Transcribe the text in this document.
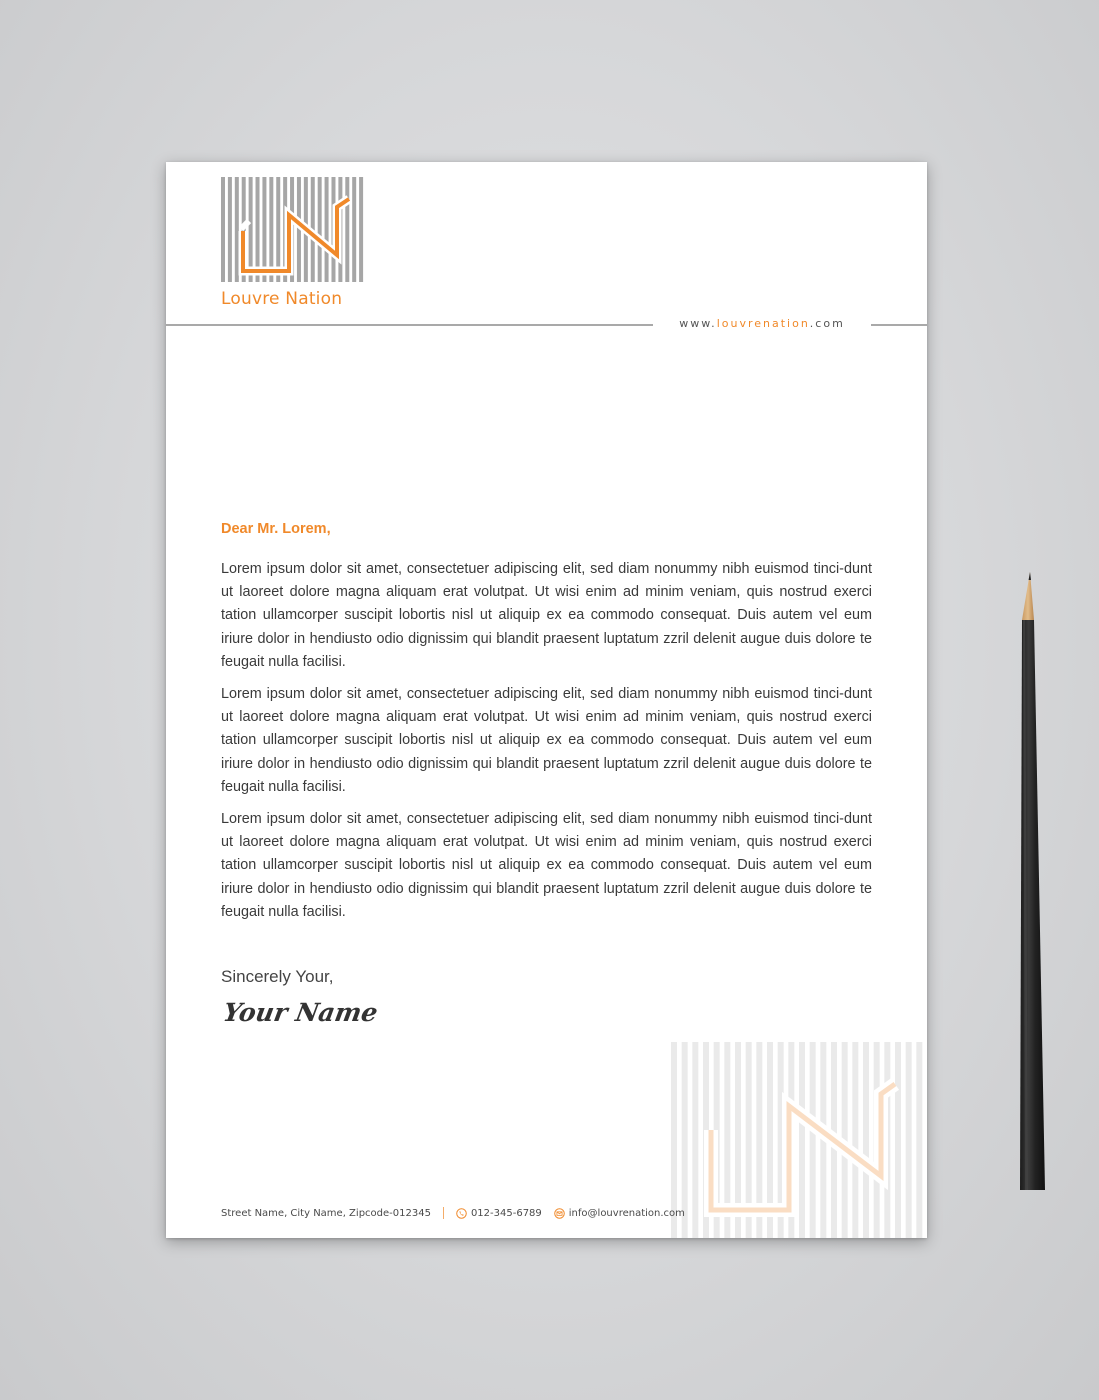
Louvre Nation
www.louvrenation.com
Dear Mr. Lorem,

Lorem ipsum dolor sit amet, consectetuer adipiscing elit, sed diam nonummy nibh euismod tinci-dunt ut laoreet dolore magna aliquam erat volutpat. Ut wisi enim ad minim veniam, quis nostrud exerci tation ullamcorper suscipit lobortis nisl ut aliquip ex ea commodo consequat. Duis autem vel eum iriure dolor in hendiusto odio dignissim qui blandit praesent luptatum zzril delenit augue duis dolore te feugait nulla facilisi.

Lorem ipsum dolor sit amet, consectetuer adipiscing elit, sed diam nonummy nibh euismod tinci-dunt ut laoreet dolore magna aliquam erat volutpat. Ut wisi enim ad minim veniam, quis nostrud exerci tation ullamcorper suscipit lobortis nisl ut aliquip ex ea commodo consequat. Duis autem vel eum iriure dolor in hendiusto odio dignissim qui blandit praesent luptatum zzril delenit augue duis dolore te feugait nulla facilisi.

Lorem ipsum dolor sit amet, consectetuer adipiscing elit, sed diam nonummy nibh euismod tinci-dunt ut laoreet dolore magna aliquam erat volutpat. Ut wisi enim ad minim veniam, quis nostrud exerci tation ullamcorper suscipit lobortis nisl ut aliquip ex ea commodo consequat. Duis autem vel eum iriure dolor in hendiusto odio dignissim qui blandit praesent luptatum zzril delenit augue duis dolore te feugait nulla facilisi.

Sincerely Your,
Your Name
Street Name, City Name, Zipcode-012345	012-345-6789	info@louvrenation.com
